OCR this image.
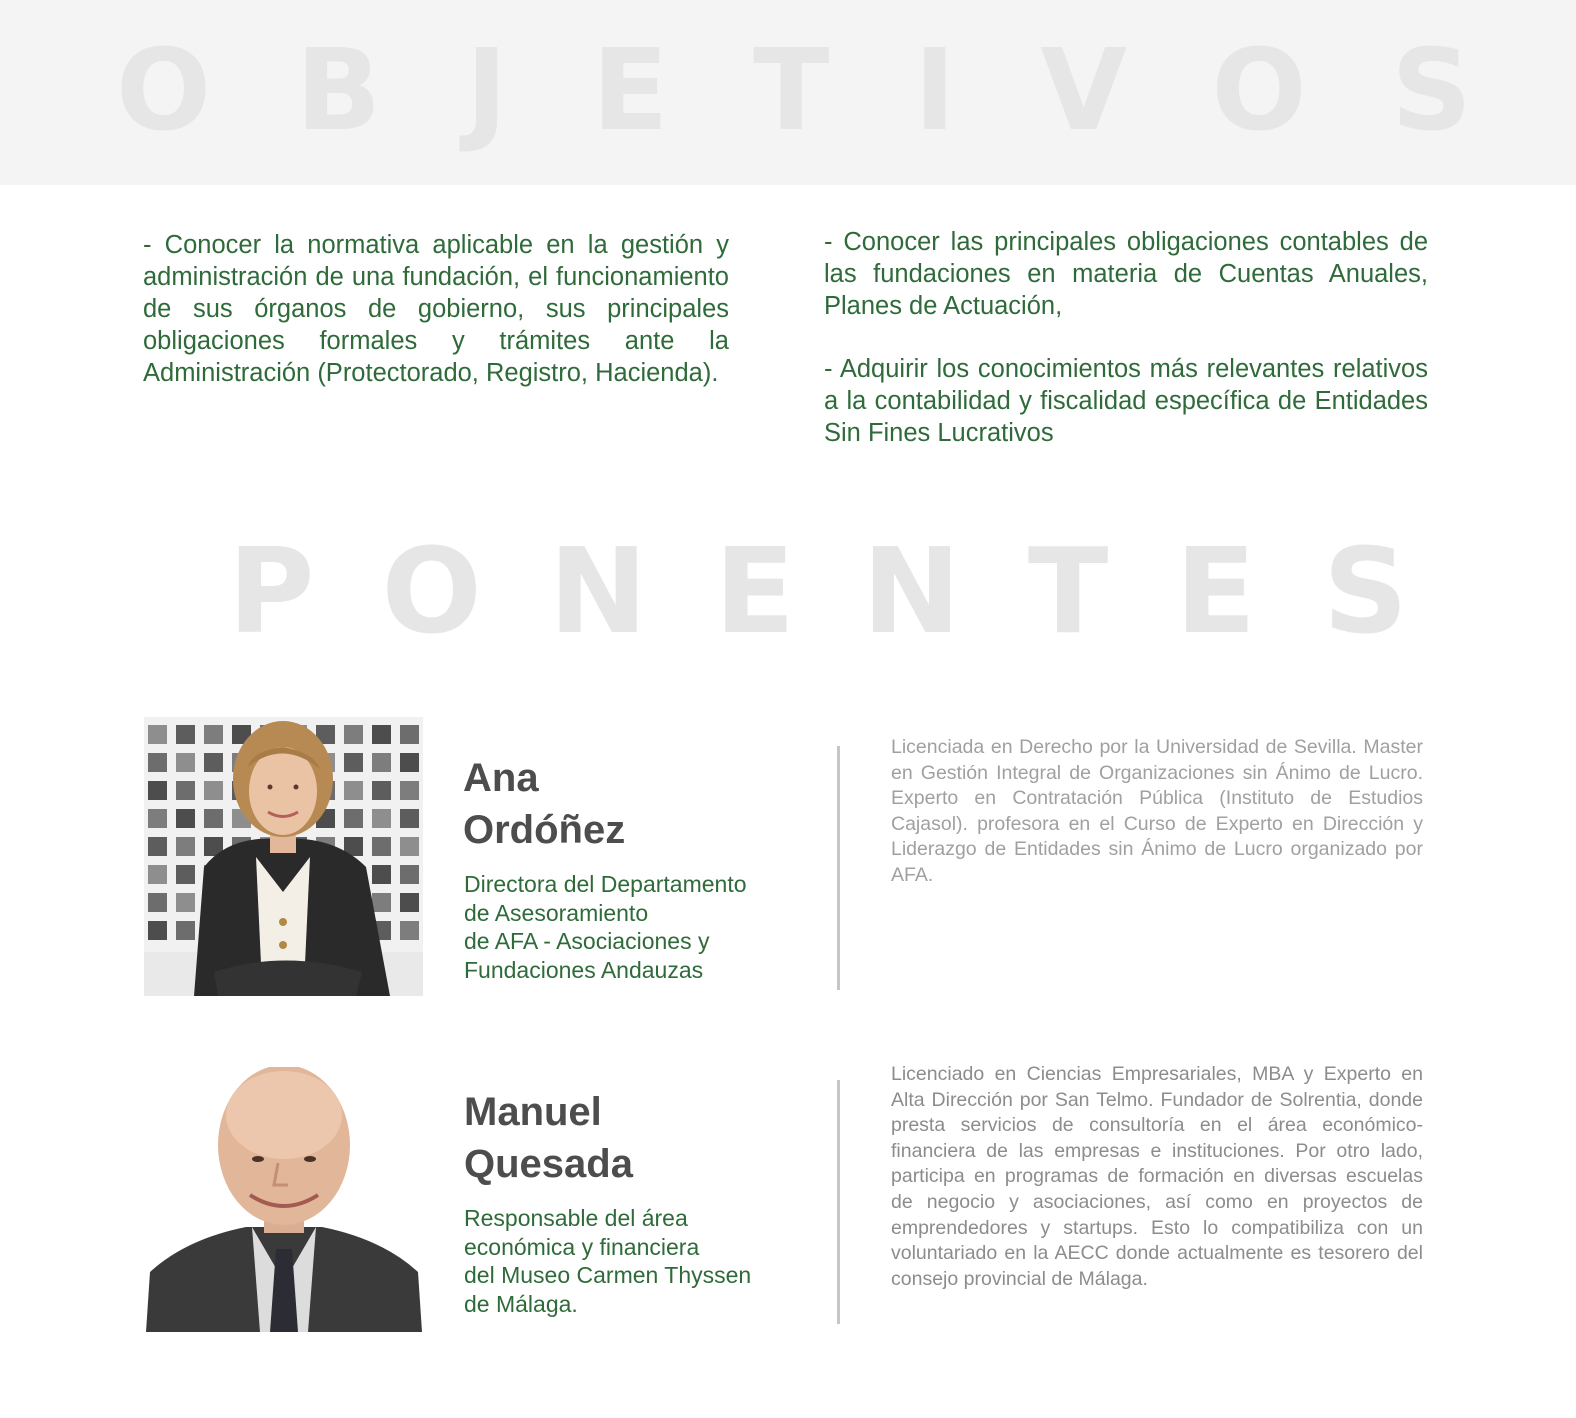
O B J E T I V O S

- Conocer la normativa aplicable en la gestión y administración de una fundación, el funcionamiento de sus órganos de gobierno, sus principales obligaciones formales y trámites ante la Administración (Protectorado, Registro, Hacienda).

- Conocer las principales obligaciones contables de las fundaciones en materia de Cuentas Anuales, Planes de Actuación,

- Adquirir los conocimientos más relevantes relativos a la contabilidad y fiscalidad específica de Entidades Sin Fines Lucrativos

P O N E N T E S
Ana
Ordóñez
Directora del Departamento
de Asesoramiento
de AFA - Asociaciones y
Fundaciones Andauzas
Licenciada en Derecho por la Universidad de Sevilla. Master en Gestión Integral de Organizaciones sin Ánimo de Lucro. Experto en Contratación Pública (Instituto de Estudios Cajasol). profesora en el Curso de Experto en Dirección y Liderazgo de Entidades sin Ánimo de Lucro organizado por AFA.
Manuel
Quesada
Responsable del área
económica y financiera
del Museo Carmen Thyssen
de Málaga.
Licenciado en Ciencias Empresariales, MBA y Experto en Alta Dirección por San Telmo. Fundador de Solrentia, donde presta servicios de consultoría en el área económico-financiera de las empresas e instituciones. Por otro lado, participa en programas de formación en diversas escuelas de negocio y asociaciones, así como en proyectos de emprendedores y startups. Esto lo compatibiliza con un voluntariado en la AECC donde actualmente es tesorero del consejo provincial de Málaga.
